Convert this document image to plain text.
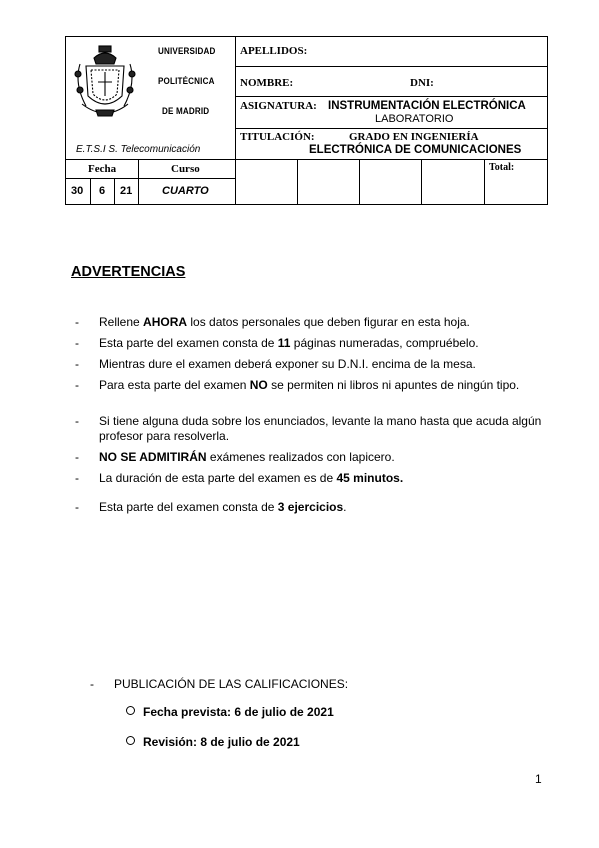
UNIVERSIDAD
POLITÉCNICA
DE MADRID
E.T.S.I S. Telecomunicación
APELLIDOS:
NOMBRE:	DNI:
ASIGNATURA: INSTRUMENTACIÓN ELECTRÓNICA
LABORATORIO
TITULACIÓN:	GRADO EN INGENIERÍA
ELECTRÓNICA DE COMUNICACIONES
Fecha	Curso
30 6 21	CUARTO
Total:
ADVERTENCIAS
-	Rellene AHORA los datos personales que deben figurar en esta hoja.
-	Esta parte del examen consta de 11 páginas numeradas, compruébelo.
-	Mientras dure el examen deberá exponer su D.N.I. encima de la mesa.
-	Para esta parte del examen NO se permiten ni libros ni apuntes de ningún tipo.
-	Si tiene alguna duda sobre los enunciados, levante la mano hasta que acuda algún profesor para resolverla.
-	NO SE ADMITIRÁN exámenes realizados con lapicero.
-	La duración de esta parte del examen es de 45 minutos.
-	Esta parte del examen consta de 3 ejercicios.
- PUBLICACIÓN DE LAS CALIFICACIONES:
Fecha prevista: 6 de julio de 2021
Revisión: 8 de julio de 2021
1
